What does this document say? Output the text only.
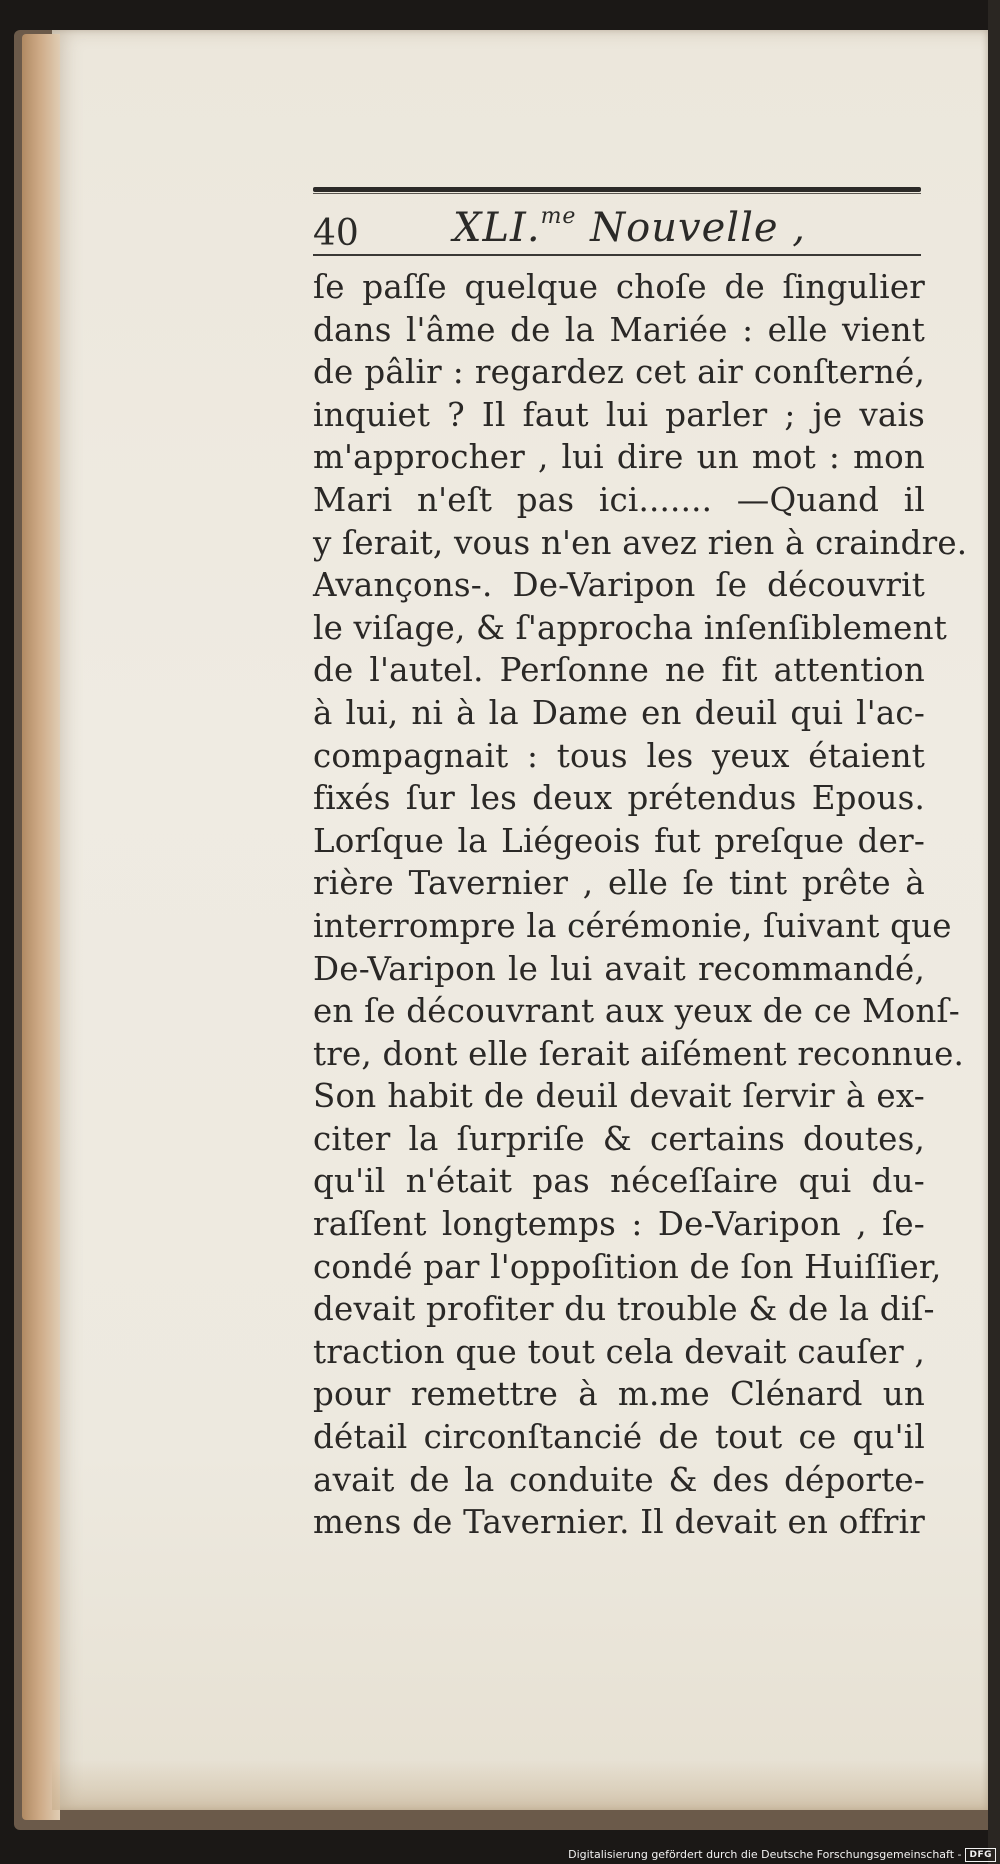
40 XLI.$^{me}$ Nouvelle ,
ſe paſſe quelque choſe de ſingulier
dans l'âme de la Mariée : elle vient
de pâlir : regardez cet air conſterné,
inquiet ? Il faut lui parler ; je vais
m'approcher , lui dire un mot : mon
Mari n'eſt pas ici....... —Quand il
y ſerait, vous n'en avez rien à craindre.
Avançons-. De-Varipon ſe découvrit
le viſage, & ſ'approcha inſenſiblement
de l'autel. Perſonne ne fit attention
à lui, ni à la Dame en deuil qui l'ac-
compagnait : tous les yeux étaient
fixés ſur les deux prétendus Epous.
Lorſque la Liégeois fut preſque der-
rière Tavernier , elle ſe tint prête à
interrompre la cérémonie, ſuivant que
De-Varipon le lui avait recommandé,
en ſe découvrant aux yeux de ce Monſ-
tre, dont elle ſerait aiſément reconnue.
Son habit de deuil devait ſervir à ex-
citer la ſurpriſe & certains doutes,
qu'il n'était pas néceſſaire qui du-
raſſent longtemps : De-Varipon , ſe-
condé par l'oppoſition de ſon Huiſſier,
devait profiter du trouble & de la diſ-
traction que tout cela devait cauſer ,
pour remettre à m.me Clénard un
détail circonſtancié de tout ce qu'il
avait de la conduite & des déporte-
mens de Tavernier. Il devait en offrir
Digitalisierung gefördert durch die Deutsche Forschungsgemeinschaft - DFG
